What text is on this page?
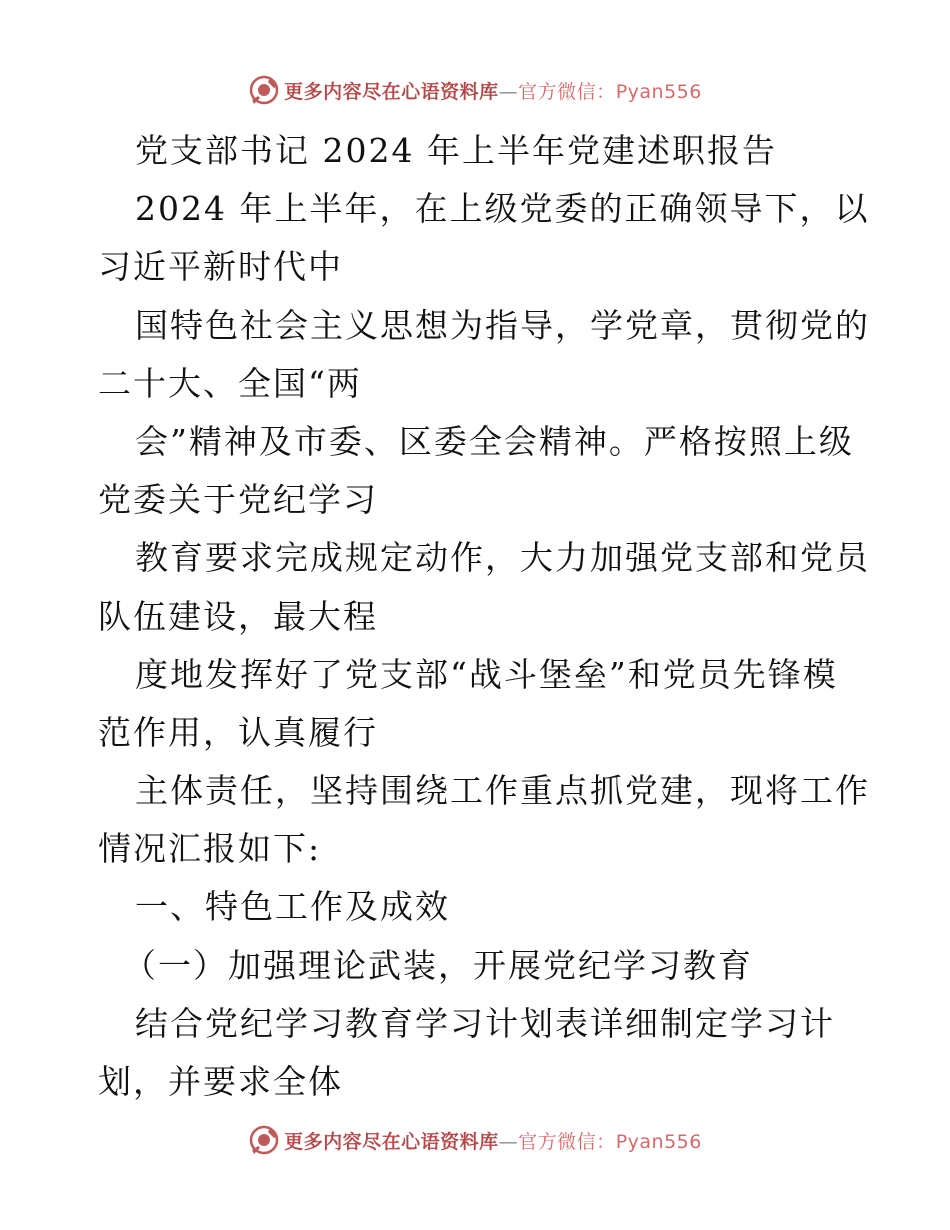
更多内容尽在心语资料库—官方微信：Pyan556
党支部书记 2024 年上半年党建述职报告
2024 年上半年，在上级党委的正确领导下，以
习近平新时代中
国特色社会主义思想为指导，学党章，贯彻党的
二十大、全国“两
会”精神及市委、区委全会精神。严格按照上级
党委关于党纪学习
教育要求完成规定动作，大力加强党支部和党员
队伍建设，最大程
度地发挥好了党支部“战斗堡垒”和党员先锋模
范作用，认真履行
主体责任，坚持围绕工作重点抓党建，现将工作
情况汇报如下:
一、特色工作及成效
（一）加强理论武装，开展党纪学习教育
结合党纪学习教育学习计划表详细制定学习计
划，并要求全体
更多内容尽在心语资料库—官方微信：Pyan556
